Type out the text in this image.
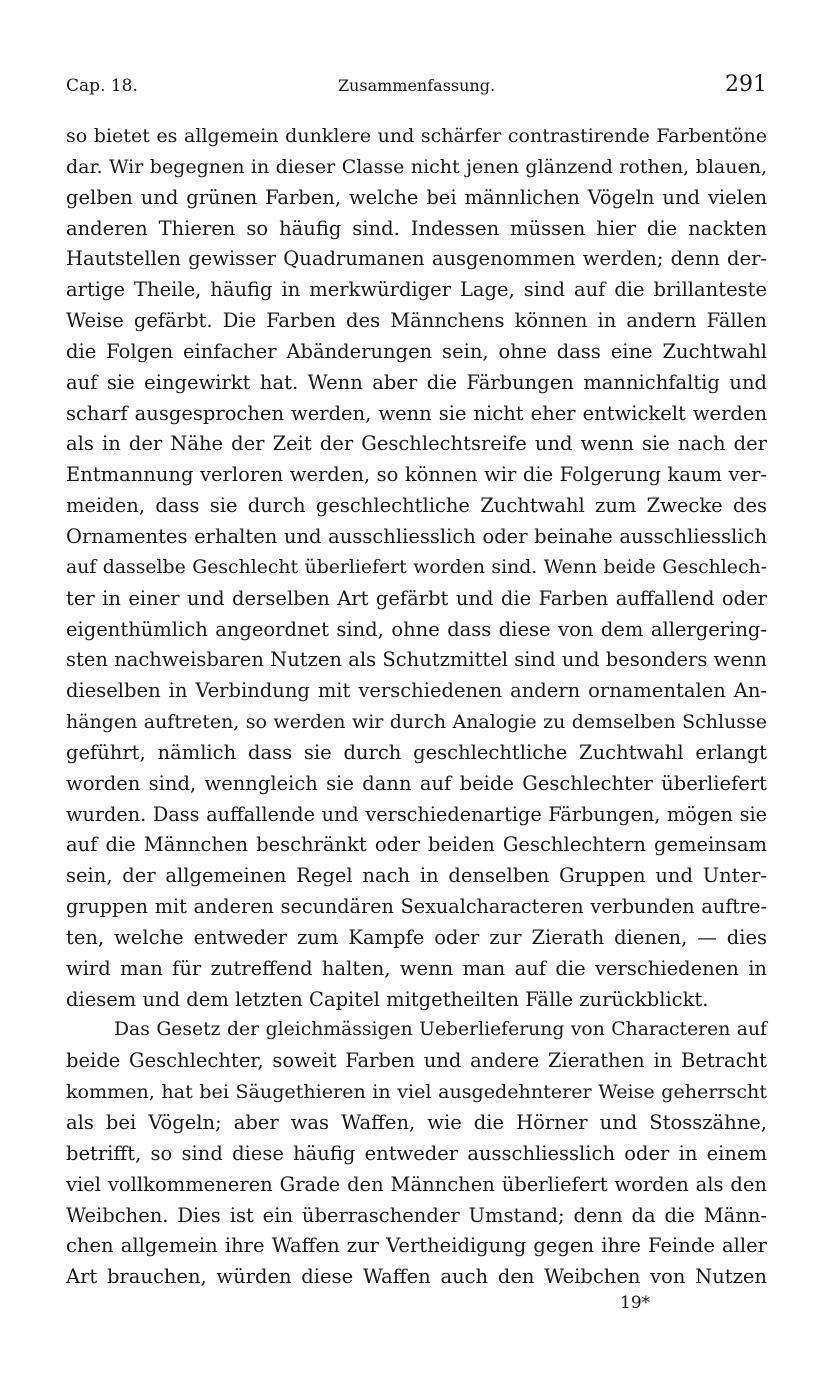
Cap. 18.	Zusammenfassung.	291
so bietet es allgemein dunklere und schärfer contrastirende Farbentöne
dar. Wir begegnen in dieser Classe nicht jenen glänzend rothen, blauen,
gelben und grünen Farben, welche bei männlichen Vögeln und vielen
anderen Thieren so häufig sind. Indessen müssen hier die nackten
Hautstellen gewisser Quadrumanen ausgenommen werden; denn der-
artige Theile, häufig in merkwürdiger Lage, sind auf die brillanteste
Weise gefärbt. Die Farben des Männchens können in andern Fällen
die Folgen einfacher Abänderungen sein, ohne dass eine Zuchtwahl
auf sie eingewirkt hat. Wenn aber die Färbungen mannichfaltig und
scharf ausgesprochen werden, wenn sie nicht eher entwickelt werden
als in der Nähe der Zeit der Geschlechtsreife und wenn sie nach der
Entmannung verloren werden, so können wir die Folgerung kaum ver-
meiden, dass sie durch geschlechtliche Zuchtwahl zum Zwecke des
Ornamentes erhalten und ausschliesslich oder beinahe ausschliesslich
auf dasselbe Geschlecht überliefert worden sind. Wenn beide Geschlech-
ter in einer und derselben Art gefärbt und die Farben auffallend oder
eigenthümlich angeordnet sind, ohne dass diese von dem allergering-
sten nachweisbaren Nutzen als Schutzmittel sind und besonders wenn
dieselben in Verbindung mit verschiedenen andern ornamentalen An-
hängen auftreten, so werden wir durch Analogie zu demselben Schlusse
geführt, nämlich dass sie durch geschlechtliche Zuchtwahl erlangt
worden sind, wenngleich sie dann auf beide Geschlechter überliefert
wurden. Dass auffallende und verschiedenartige Färbungen, mögen sie
auf die Männchen beschränkt oder beiden Geschlechtern gemeinsam
sein, der allgemeinen Regel nach in denselben Gruppen und Unter-
gruppen mit anderen secundären Sexualcharacteren verbunden auftre-
ten, welche entweder zum Kampfe oder zur Zierath dienen, — dies
wird man für zutreffend halten, wenn man auf die verschiedenen in
diesem und dem letzten Capitel mitgetheilten Fälle zurückblickt.
Das Gesetz der gleichmässigen Ueberlieferung von Characteren auf
beide Geschlechter, soweit Farben und andere Zierathen in Betracht
kommen, hat bei Säugethieren in viel ausgedehnterer Weise geherrscht
als bei Vögeln; aber was Waffen, wie die Hörner und Stosszähne,
betrifft, so sind diese häufig entweder ausschliesslich oder in einem
viel vollkommeneren Grade den Männchen überliefert worden als den
Weibchen. Dies ist ein überraschender Umstand; denn da die Männ-
chen allgemein ihre Waffen zur Vertheidigung gegen ihre Feinde aller
Art brauchen, würden diese Waffen auch den Weibchen von Nutzen
19*
